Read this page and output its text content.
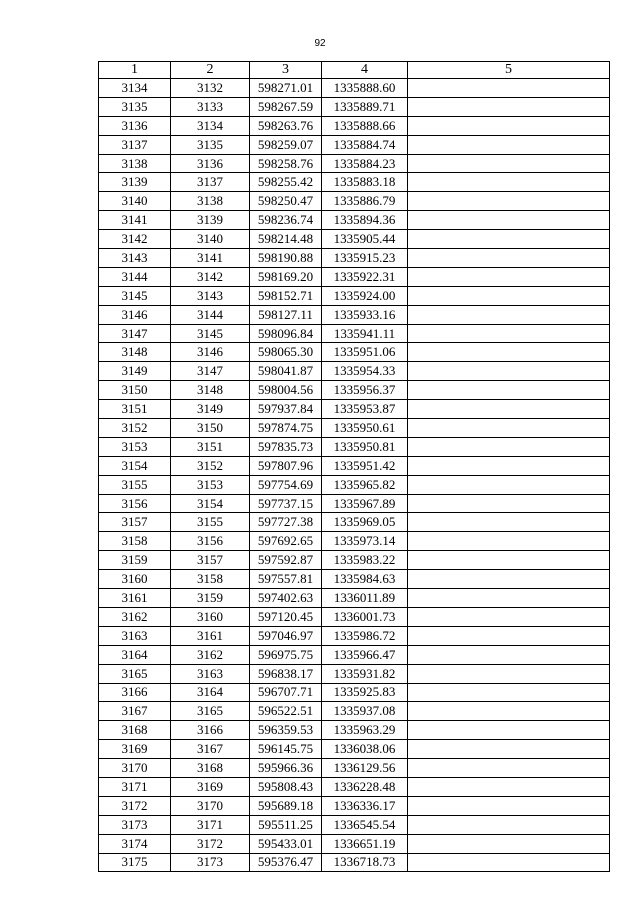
92
1	2	3	4	5
3134	3132	598271.01	1335888.60	
3135	3133	598267.59	1335889.71	
3136	3134	598263.76	1335888.66	
3137	3135	598259.07	1335884.74	
3138	3136	598258.76	1335884.23	
3139	3137	598255.42	1335883.18	
3140	3138	598250.47	1335886.79	
3141	3139	598236.74	1335894.36	
3142	3140	598214.48	1335905.44	
3143	3141	598190.88	1335915.23	
3144	3142	598169.20	1335922.31	
3145	3143	598152.71	1335924.00	
3146	3144	598127.11	1335933.16	
3147	3145	598096.84	1335941.11	
3148	3146	598065.30	1335951.06	
3149	3147	598041.87	1335954.33	
3150	3148	598004.56	1335956.37	
3151	3149	597937.84	1335953.87	
3152	3150	597874.75	1335950.61	
3153	3151	597835.73	1335950.81	
3154	3152	597807.96	1335951.42	
3155	3153	597754.69	1335965.82	
3156	3154	597737.15	1335967.89	
3157	3155	597727.38	1335969.05	
3158	3156	597692.65	1335973.14	
3159	3157	597592.87	1335983.22	
3160	3158	597557.81	1335984.63	
3161	3159	597402.63	1336011.89	
3162	3160	597120.45	1336001.73	
3163	3161	597046.97	1335986.72	
3164	3162	596975.75	1335966.47	
3165	3163	596838.17	1335931.82	
3166	3164	596707.71	1335925.83	
3167	3165	596522.51	1335937.08	
3168	3166	596359.53	1335963.29	
3169	3167	596145.75	1336038.06	
3170	3168	595966.36	1336129.56	
3171	3169	595808.43	1336228.48	
3172	3170	595689.18	1336336.17	
3173	3171	595511.25	1336545.54	
3174	3172	595433.01	1336651.19	
3175	3173	595376.47	1336718.73	
